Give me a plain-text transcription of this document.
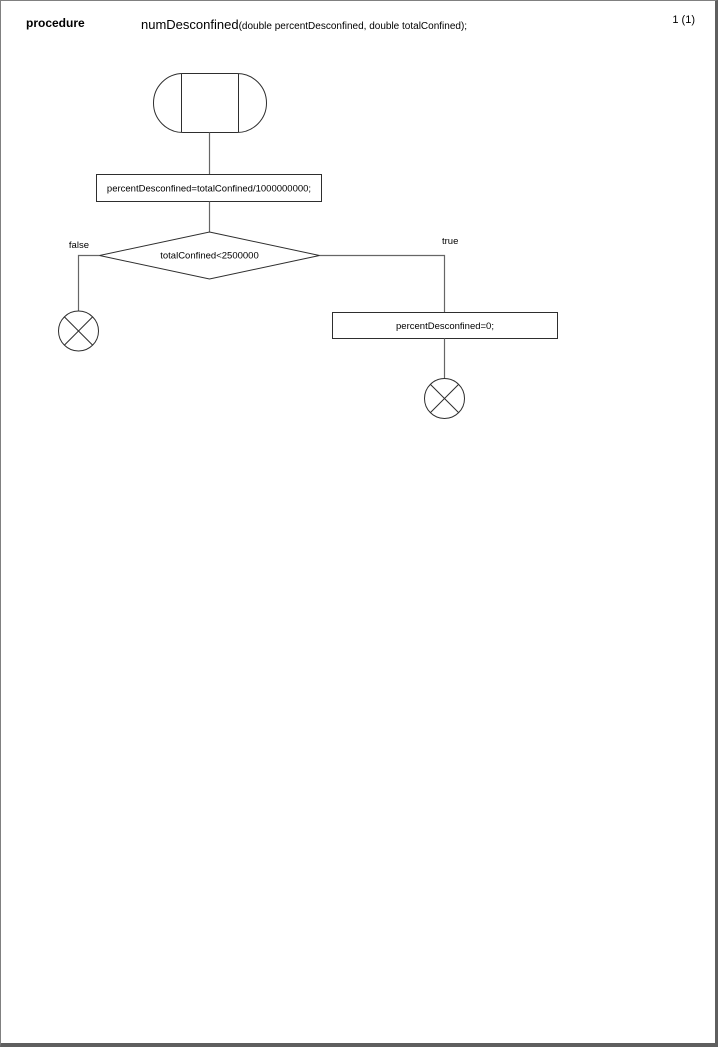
procedure	numDesconfined(double percentDesconfined, double totalConfined);
1 (1)
percentDesconfined=totalConfined/1000000000;
totalConfined<2500000
false	true
percentDesconfined=0;
